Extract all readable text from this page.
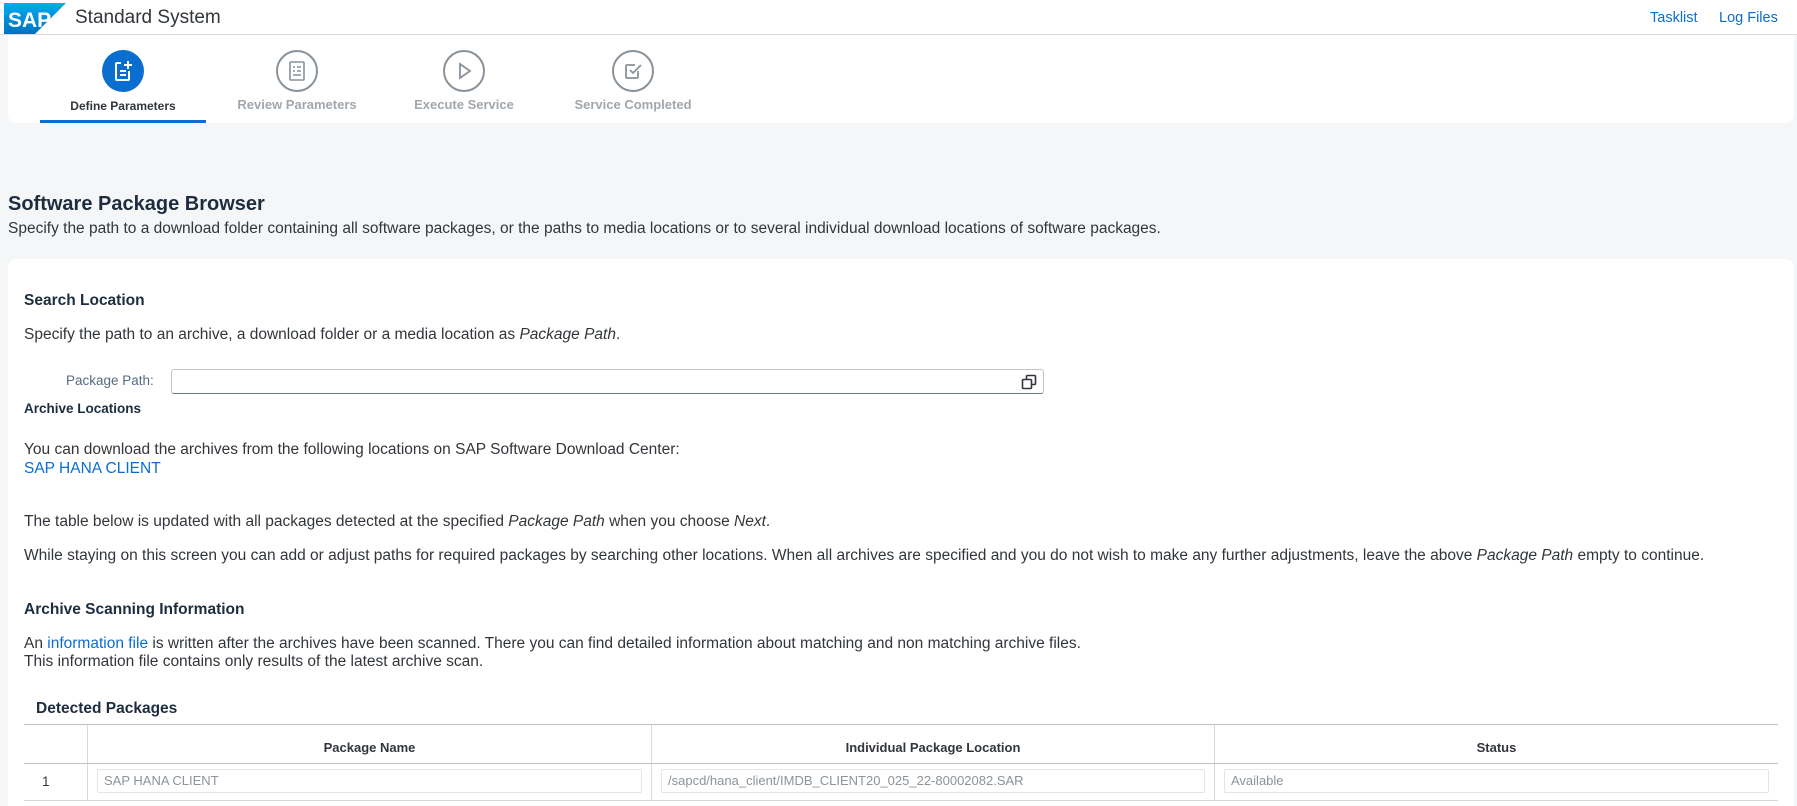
SAP Standard System	Tasklist Log Files
Define Parameters	Review Parameters	Execute Service	Service Completed
Software Package Browser
Specify the path to a download folder containing all software packages, or the paths to media locations or to several individual download locations of software packages.
Search Location
Specify the path to an archive, a download folder or a media location as Package Path.
Package Path:
Archive Locations
You can download the archives from the following locations on SAP Software Download Center:
SAP HANA CLIENT
The table below is updated with all packages detected at the specified Package Path when you choose Next.
While staying on this screen you can add or adjust paths for required packages by searching other locations. When all archives are specified and you do not wish to make any further adjustments, leave the above Package Path empty to continue.
Archive Scanning Information
An information file is written after the archives have been scanned. There you can find detailed information about matching and non matching archive files.
This information file contains only results of the latest archive scan.
Detected Packages
Package Name	Individual Package Location	Status
1	SAP HANA CLIENT	/sapcd/hana_client/IMDB_CLIENT20_025_22-80002082.SAR	Available
